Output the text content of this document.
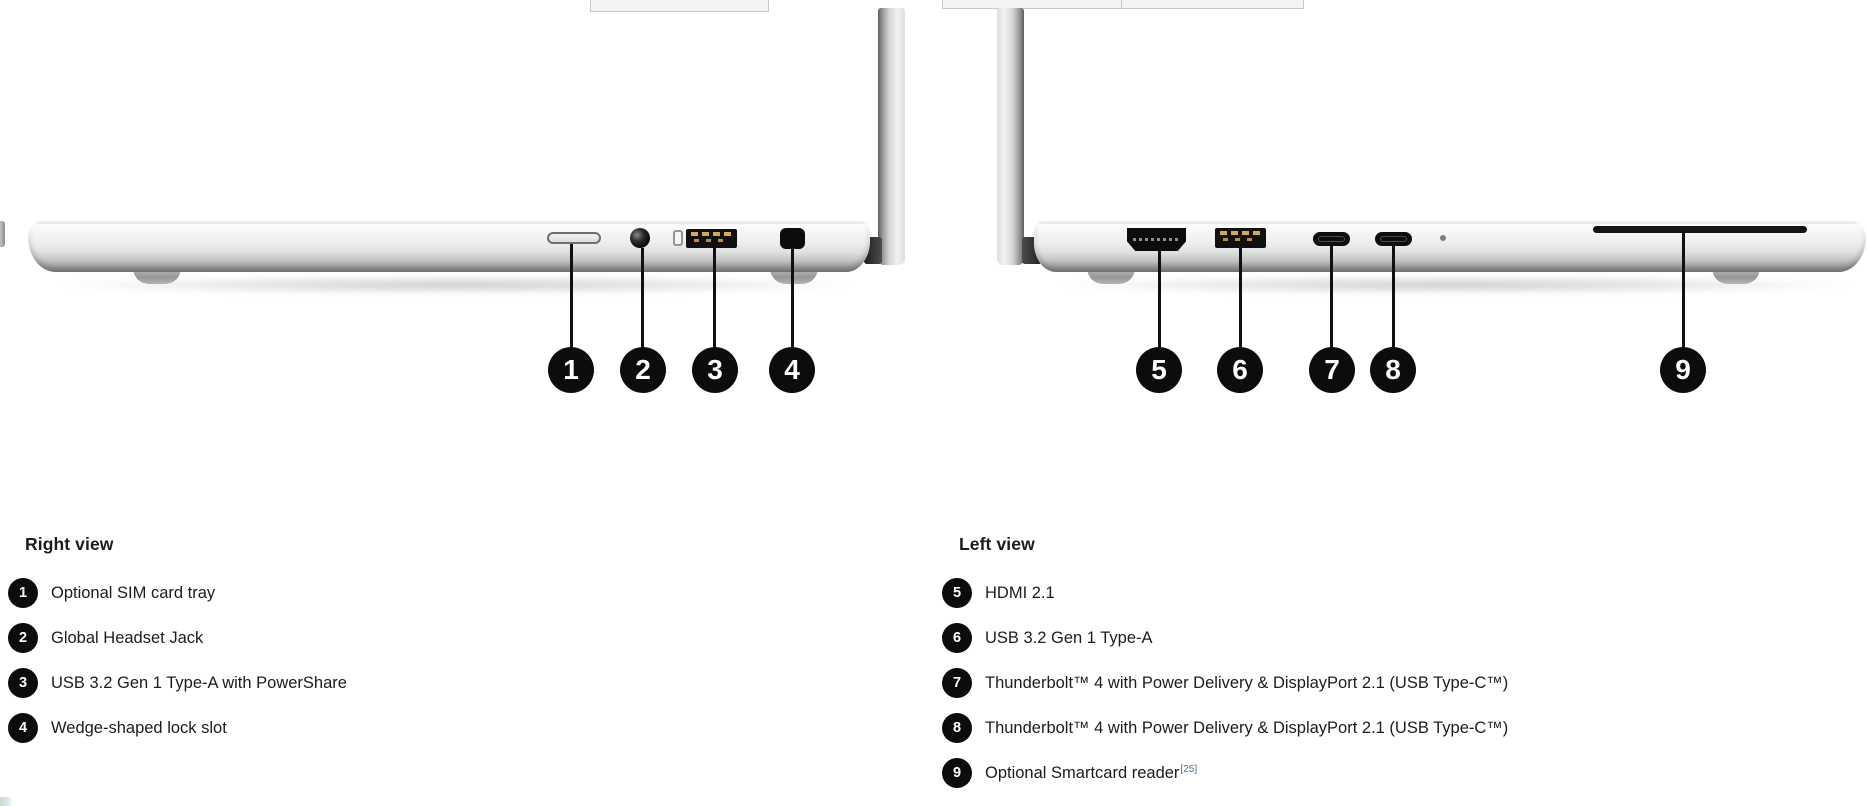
1	2	3	4	5	6	7	8	9
Right view
1	Optional SIM card tray
2	Global Headset Jack
3	USB 3.2 Gen 1 Type-A with PowerShare
4	Wedge-shaped lock slot
Left view
5	HDMI 2.1
6	USB 3.2 Gen 1 Type-A
7	Thunderbolt™ 4 with Power Delivery & DisplayPort 2.1 (USB Type-C™)
8	Thunderbolt™ 4 with Power Delivery & DisplayPort 2.1 (USB Type-C™)
9	Optional Smartcard reader[25]
